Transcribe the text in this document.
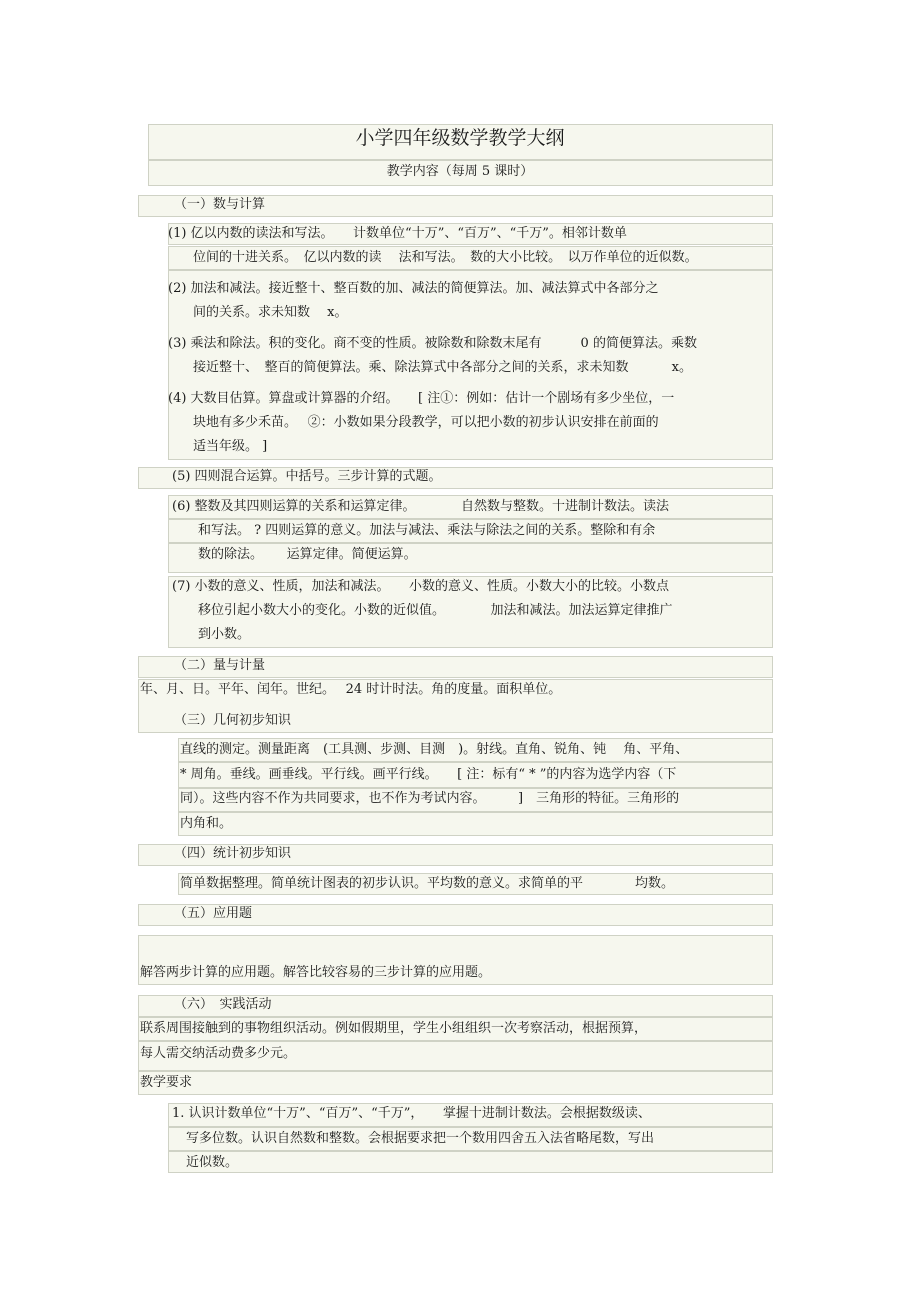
小学四年级数学教学大纲
教学内容（每周 5 课时）
（一）数与计算
(1) 亿以内数的读法和写法。　　计数单位“十万”、“百万”、“千万”。相邻计数单
位间的十进关系。　亿以内数的读　 法和写法。　数的大小比较。　以万作单位的近似数。
(2) 加法和减法。接近整十、整百数的加、减法的简便算法。加、减法算式中各部分之
间的关系。求未知数　 x。
(3) 乘法和除法。积的变化。商不变的性质。被除数和除数末尾有　　　0 的简便算法。乘数
接近整十、　整百的简便算法。乘、除法算式中各部分之间的关系，求未知数　　　 x。
(4) 大数目估算。算盘或计算器的介绍。　　[ 注①：例如：估计一个剧场有多少坐位，一
块地有多少禾苗。　 ②：小数如果分段教学，可以把小数的初步认识安排在前面的
适当年级。 ]
(5) 四则混合运算。中括号。三步计算的式题。
(6) 整数及其四则运算的关系和运算定律。　　　　自然数与整数。十进制计数法。读法
和写法。 ? 四则运算的意义。加法与减法、乘法与除法之间的关系。整除和有余
数的除法。　　 运算定律。简便运算。
(7) 小数的意义、性质，加法和减法。　　小数的意义、性质。小数大小的比较。小数点
移位引起小数大小的变化。小数的近似值。　　　　加法和减法。加法运算定律推广
到小数。
（二）量与计量
年、月、日。平年、闰年。世纪。　 24 时计时法。角的度量。面积单位。
（三）几何初步知识
直线的测定。测量距离　(工具测、步测、目测　)。射线。直角、锐角、钝　 角、平角、
* 周角。垂线。画垂线。平行线。画平行线。　　[ 注：标有“ * ”的内容为选学内容（下
同）。这些内容不作为共同要求，也不作为考试内容。　　　]　三角形的特征。三角形的
内角和。
（四）统计初步知识
简单数据整理。简单统计图表的初步认识。平均数的意义。求简单的平　　　　均数。
（五）应用题
解答两步计算的应用题。解答比较容易的三步计算的应用题。
（六）　实践活动
联系周围接触到的事物组织活动。例如假期里，学生小组组织一次考察活动，根据预算，
每人需交纳活动费多少元。
教学要求
1. 认识计数单位“十万”、“百万”、“千万”，　　掌握十进制计数法。会根据数级读、
写多位数。认识自然数和整数。会根据要求把一个数用四舍五入法省略尾数，写出
近似数。
